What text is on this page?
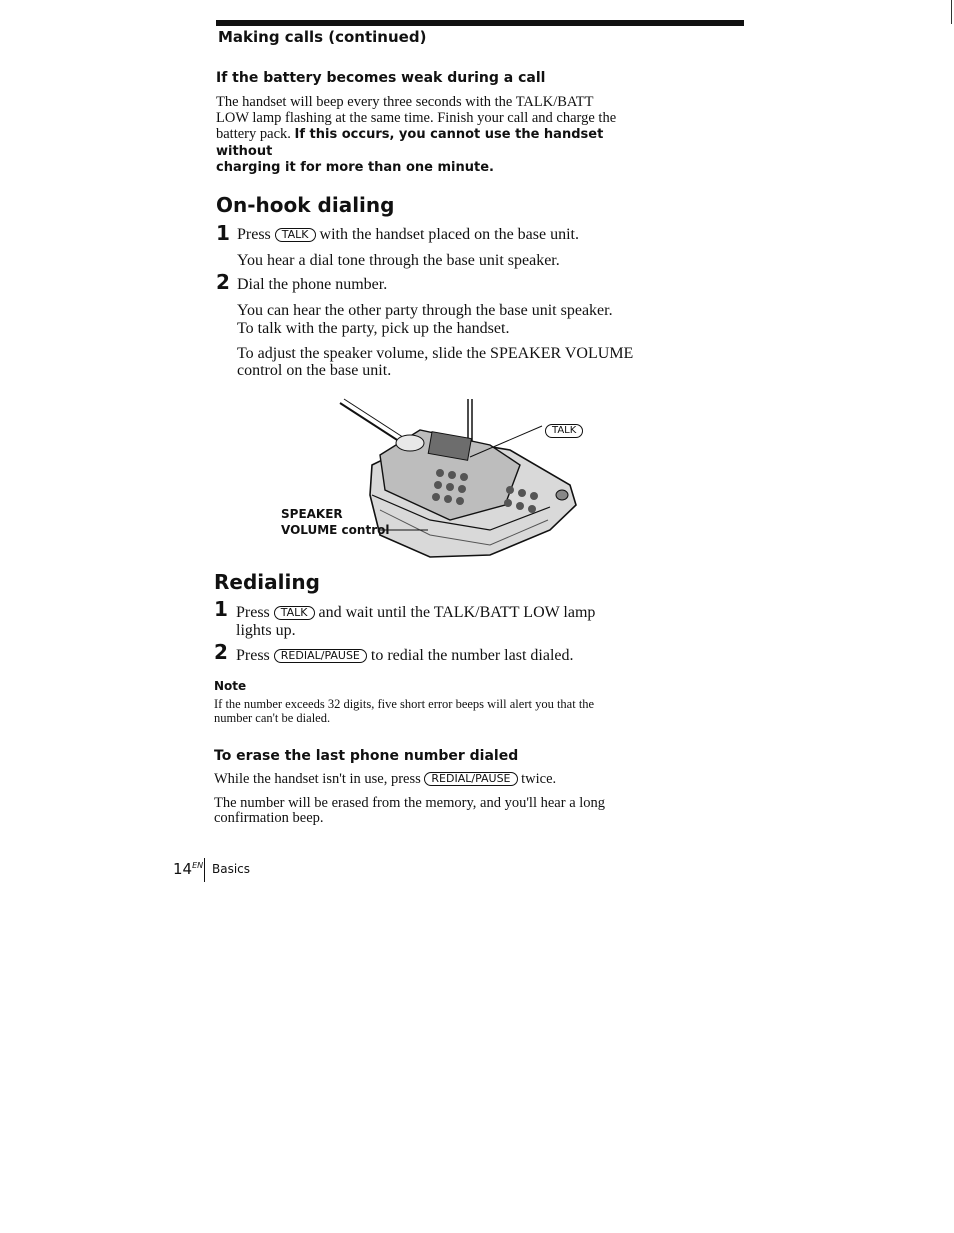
Making calls (continued)
If the battery becomes weak during a call
The handset will beep every three seconds with the TALK/BATT
LOW lamp flashing at the same time. Finish your call and charge the
battery pack. If this occurs, you cannot use the handset without
charging it for more than one minute.
On-hook dialing
1 Press TALK with the handset placed on the base unit.
You hear a dial tone through the base unit speaker.
2 Dial the phone number.
You can hear the other party through the base unit speaker.
To talk with the party, pick up the handset.
To adjust the speaker volume, slide the SPEAKER VOLUME
control on the base unit.
TALK
SPEAKER
VOLUME control
Redialing
1 Press TALK and wait until the TALK/BATT LOW lamp
lights up.
2 Press REDIAL/PAUSE to redial the number last dialed.
Note
If the number exceeds 32 digits, five short error beeps will alert you that the
number can't be dialed.
To erase the last phone number dialed
While the handset isn't in use, press REDIAL/PAUSE twice.
The number will be erased from the memory, and you'll hear a long
confirmation beep.
14$^{EN}$ Basics
